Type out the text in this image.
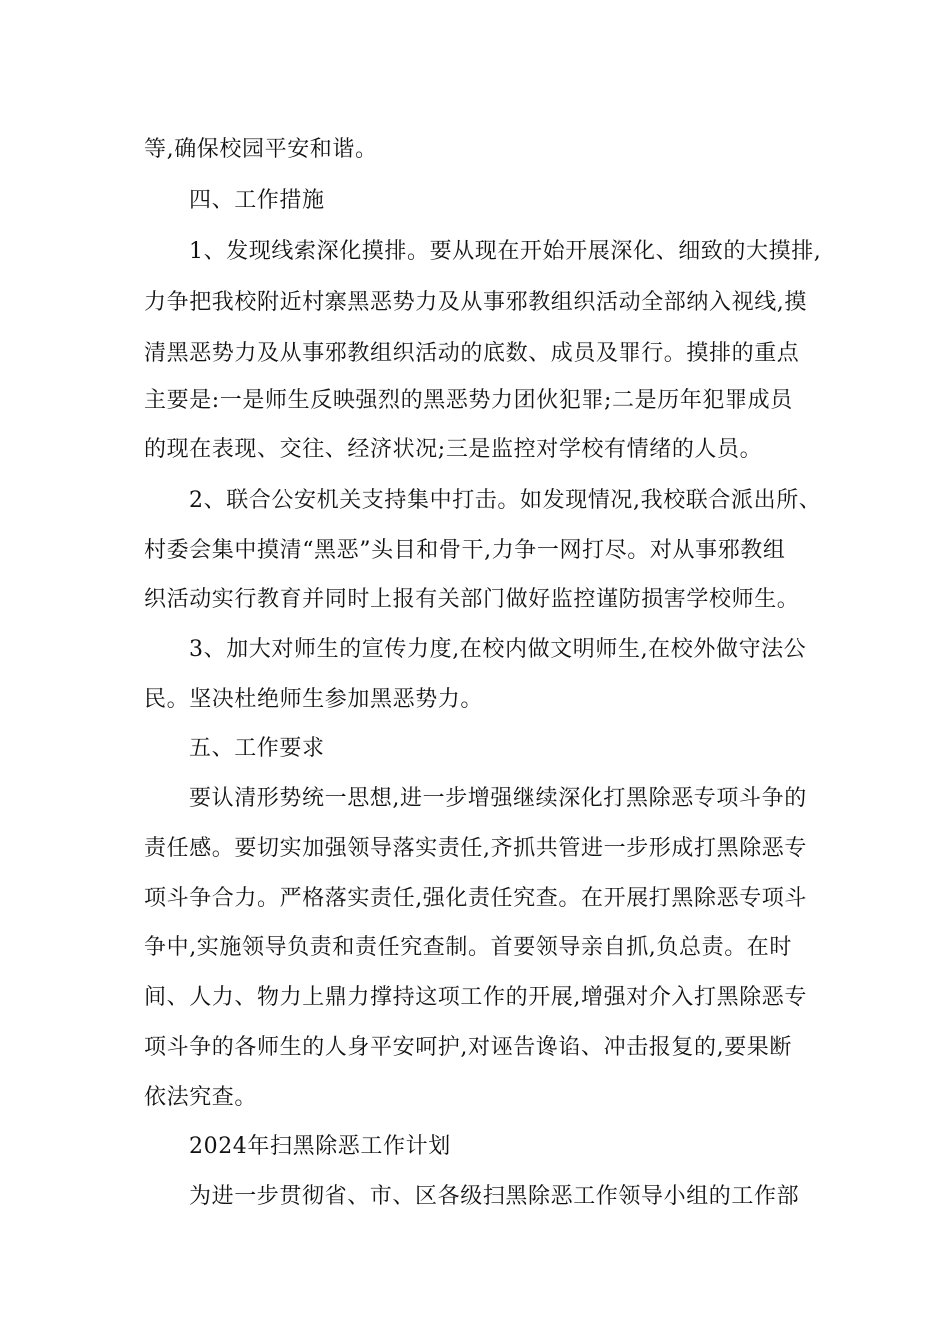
等,确保校园平安和谐。
四、工作措施
1、发现线索深化摸排。要从现在开始开展深化、细致的大摸排,
力争把我校附近村寨黑恶势力及从事邪教组织活动全部纳入视线,摸
清黑恶势力及从事邪教组织活动的底数、成员及罪行。摸排的重点
主要是:一是师生反映强烈的黑恶势力团伙犯罪;二是历年犯罪成员
的现在表现、交往、经济状况;三是监控对学校有情绪的人员。
2、联合公安机关支持集中打击。如发现情况,我校联合派出所、
村委会集中摸清“黑恶”头目和骨干,力争一网打尽。对从事邪教组
织活动实行教育并同时上报有关部门做好监控谨防损害学校师生。
3、加大对师生的宣传力度,在校内做文明师生,在校外做守法公
民。坚决杜绝师生参加黑恶势力。
五、工作要求
要认清形势统一思想,进一步增强继续深化打黑除恶专项斗争的
责任感。要切实加强领导落实责任,齐抓共管进一步形成打黑除恶专
项斗争合力。严格落实责任,强化责任究查。在开展打黑除恶专项斗
争中,实施领导负责和责任究查制。首要领导亲自抓,负总责。在时
间、人力、物力上鼎力撑持这项工作的开展,增强对介入打黑除恶专
项斗争的各师生的人身平安呵护,对诬告谗谄、冲击报复的,要果断
依法究查。
2024年扫黑除恶工作计划
为进一步贯彻省、市、区各级扫黑除恶工作领导小组的工作部
